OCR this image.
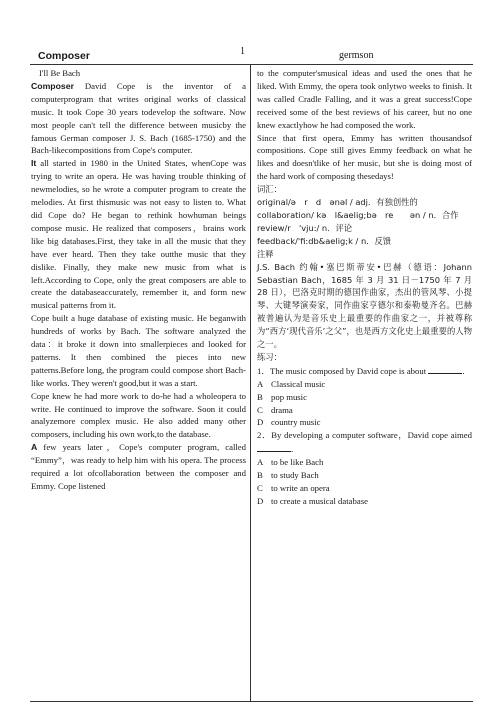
Composer	1	germson

I'll Be Bach

Composer David Cope is the inventor of a computerprogram that writes original works of classical music. It took Cope 30 years todevelop the software. Now most people can't tell the difference between musicby the famous German composer J. S. Bach (1685-1750) and the Bach-likecompositions from Cope's computer.

It all started in 1980 in the United States, whenCope was trying to write an opera. He was having trouble thinking of newmelodies, so he wrote a computer program to create the melodies. At first thismusic was not easy to listen to. What did Cope do? He began to rethink howhuman beings compose music. He realized that composers，brains work like big databases.First, they take in all the music that they have ever heard. Then they take outthe music that they dislike. Finally, they make new music from what is left.According to Cope, only the great composers are able to create the databaseaccurately, remember it, and form new musical patterns from it.

Cope built a huge database of existing music. He beganwith hundreds of works by Bach. The software analyzed the data：it broke it down into smallerpieces and looked for patterns. It then combined the pieces into new patterns.Before long, the program could compose short Bach-like works. They weren't good,but it was a start.

Cope knew he had more work to do-he had a wholeopera to write. He continued to improve the software. Soon it could analyzemore complex music. He also added many other composers, including his own work,to the database.

A few years later，Cope's computer program, called “Emmy”，was ready to help him with his opera. The process required a lot ofcollaboration between the composer and Emmy. Cope listened

to the computer'smusical ideas and used the ones that he liked. With Emmy, the opera took onlytwo weeks to finish. It was called Cradle Falling, and it was a great success!Cope received some of the best reviews of his career, but no one knew exactlyhow he had composed the work.

Since that first opera, Emmy has written thousandsof compositions. Cope still gives Emmy feedback on what he likes and doesn'tlike of her music, but she is doing most of the hard work of composing thesedays!

词汇：

original/ə　r　d　ənəl / adj．有独创性的

collaboration/ kə　l&aelig;bə　re　　ən / n．合作

review/r　'vju:/ n．评论

feedback/'fi:db&aelig;k / n．反馈

注释

J.S. Bach 约翰•塞巴斯蒂安•巴赫（德语：Johann Sebastian Bach，1685 年 3 月 31 日－1750 年 7 月 28 日），巴洛克时期的德国作曲家，杰出的管风琴、小提琴、大键琴演奏家，同作曲家亨德尔和泰勒曼齐名。巴赫被普遍认为是音乐史上最重要的作曲家之一，并被尊称为“西方‘现代音乐’之父”，也是西方文化史上最重要的人物之一。

练习：

1．The music composed by David cope is about	.

A Classical music
B pop music
C drama
D country music

2．By developing a computer software，David cope aimed .

A to be like Bach
B to study Bach
C to write an opera
D to create a musical database
